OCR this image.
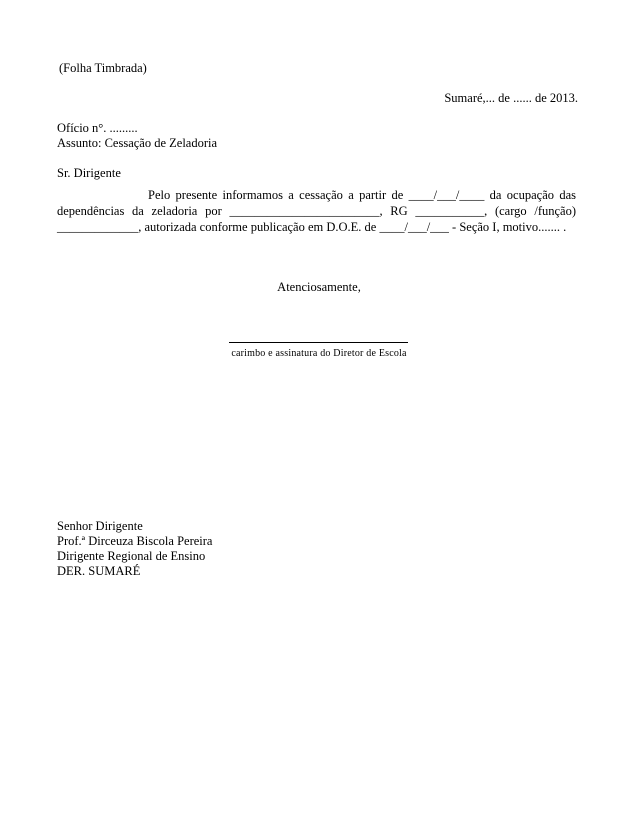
(Folha Timbrada)
Sumaré,... de ...... de 2013.
Ofício n°. .........
Assunto: Cessação de Zeladoria
Sr. Dirigente
Pelo presente informamos a cessação a partir de ____/___/____ da ocupação das
dependências da zeladoria por ________________________, RG ___________, (cargo /função)
_____________, autorizada conforme publicação em D.O.E. de ____/___/___ - Seção I, motivo....... .
Atenciosamente,
carimbo e assinatura do Diretor de Escola
Senhor Dirigente
Prof.ª Dirceuza Biscola Pereira
Dirigente Regional de Ensino
DER. SUMARÉ
